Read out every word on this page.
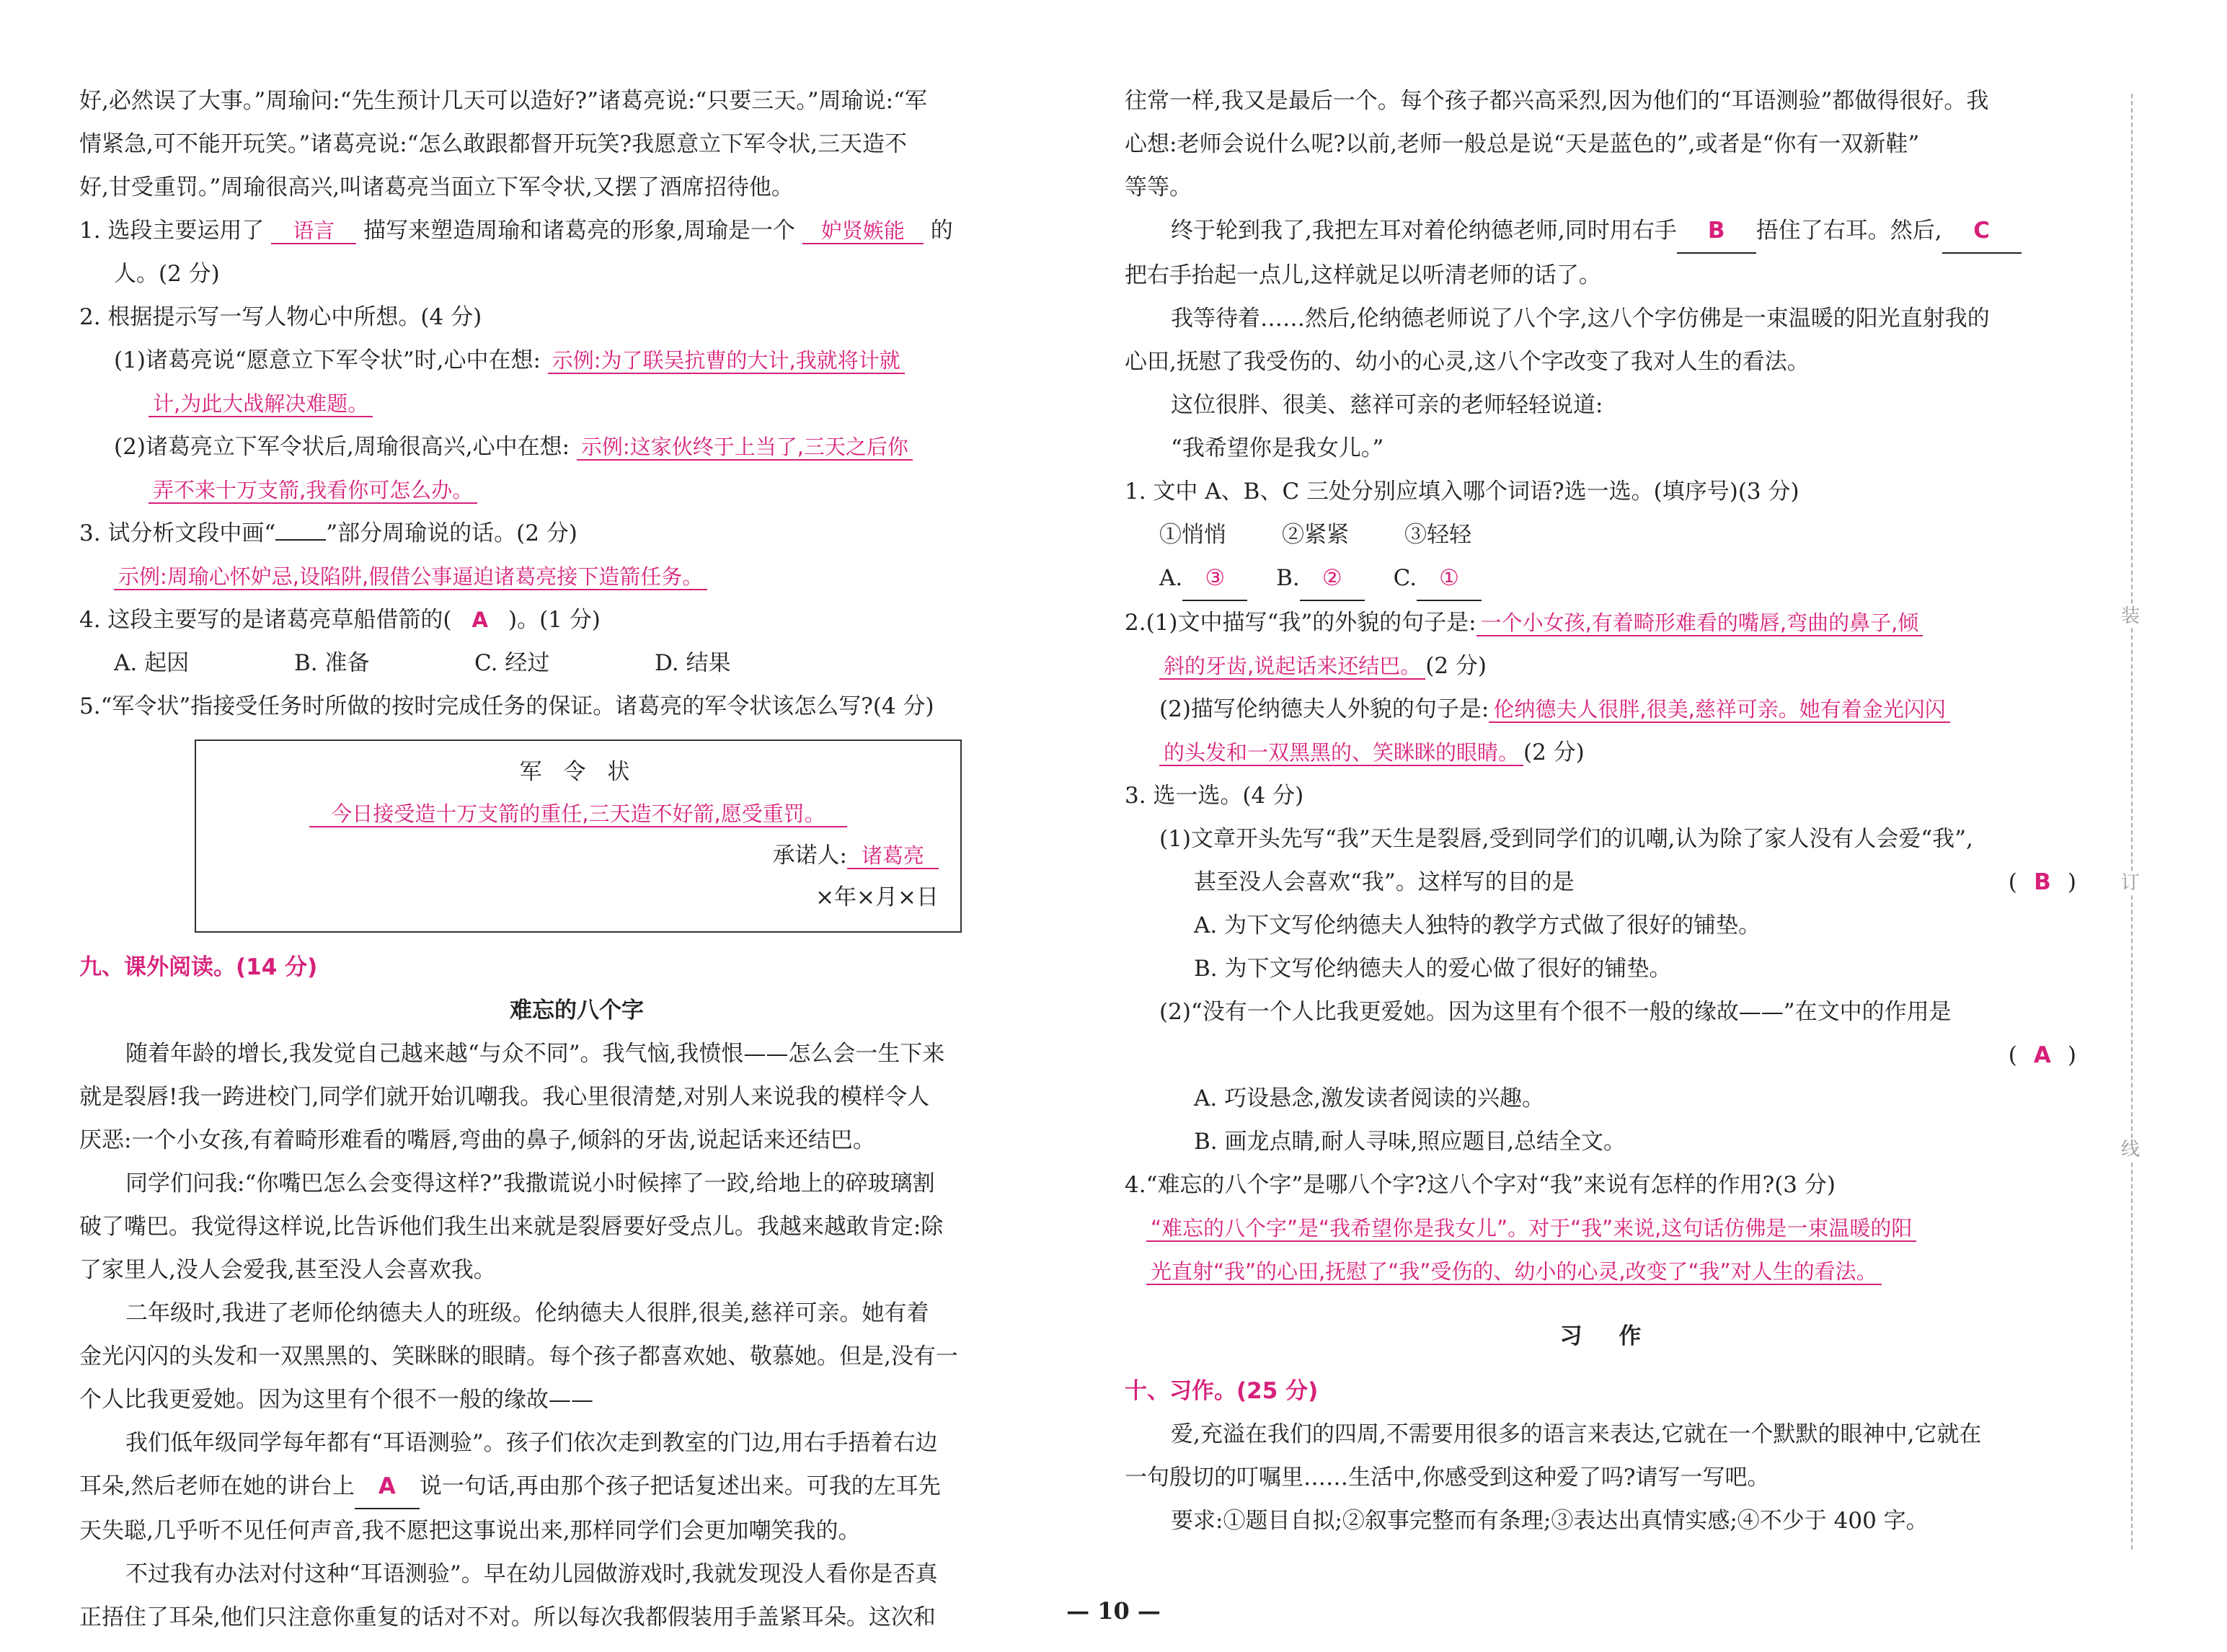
好,必然误了大事。”周瑜问:“先生预计几天可以造好?”诸葛亮说:“只要三天。”周瑜说:“军
情紧急,可不能开玩笑。”诸葛亮说:“怎么敢跟都督开玩笑?我愿意立下军令状,三天造不
好,甘受重罚。”周瑜很高兴,叫诸葛亮当面立下军令状,又摆了酒席招待他。
1. 选段主要运用了 语言 描写来塑造周瑜和诸葛亮的形象,周瑜是一个 妒贤嫉能 的
人。(2 分)
2. 根据提示写一写人物心中所想。(4 分)
(1)诸葛亮说“愿意立下军令状”时,心中在想: 示例:为了联吴抗曹的大计,我就将计就
计,为此大战解决难题。
(2)诸葛亮立下军令状后,周瑜很高兴,心中在想: 示例:这家伙终于上当了,三天之后你
弄不来十万支箭,我看你可怎么办。
3. 试分析文段中画“ ”部分周瑜说的话。(2 分)
示例:周瑜心怀妒忌,设陷阱,假借公事逼迫诸葛亮接下造箭任务。
4. 这段主要写的是诸葛亮草船借箭的( A )。(1 分)
A. 起因	B. 准备	C. 经过	D. 结果
5.“军令状”指接受任务时所做的按时完成任务的保证。诸葛亮的军令状该怎么写?(4 分)
军 令 状
今日接受造十万支箭的重任,三天造不好箭,愿受重罚。
承诺人: 诸葛亮
×年×月×日
九、课外阅读。(14 分)
难忘的八个字
随着年龄的增长,我发觉自己越来越“与众不同”。我气恼,我愤恨——怎么会一生下来
就是裂唇!我一跨进校门,同学们就开始讥嘲我。我心里很清楚,对别人来说我的模样令人
厌恶:一个小女孩,有着畸形难看的嘴唇,弯曲的鼻子,倾斜的牙齿,说起话来还结巴。
同学们问我:“你嘴巴怎么会变得这样?”我撒谎说小时候摔了一跤,给地上的碎玻璃割
破了嘴巴。我觉得这样说,比告诉他们我生出来就是裂唇要好受点儿。我越来越敢肯定:除
了家里人,没人会爱我,甚至没人会喜欢我。
二年级时,我进了老师伦纳德夫人的班级。伦纳德夫人很胖,很美,慈祥可亲。她有着
金光闪闪的头发和一双黑黑的、笑眯眯的眼睛。每个孩子都喜欢她、敬慕她。但是,没有一
个人比我更爱她。因为这里有个很不一般的缘故——
我们低年级同学每年都有“耳语测验”。孩子们依次走到教室的门边,用右手捂着右边
耳朵,然后老师在她的讲台上 A 说一句话,再由那个孩子把话复述出来。可我的左耳先
天失聪,几乎听不见任何声音,我不愿把这事说出来,那样同学们会更加嘲笑我的。
不过我有办法对付这种“耳语测验”。早在幼儿园做游戏时,我就发现没人看你是否真
正捂住了耳朵,他们只注意你重复的话对不对。所以每次我都假装用手盖紧耳朵。这次和
往常一样,我又是最后一个。每个孩子都兴高采烈,因为他们的“耳语测验”都做得很好。我
心想:老师会说什么呢?以前,老师一般总是说“天是蓝色的”,或者是“你有一双新鞋”
等等。
终于轮到我了,我把左耳对着伦纳德老师,同时用右手 B 捂住了右耳。然后, C
把右手抬起一点儿,这样就足以听清老师的话了。
我等待着……然后,伦纳德老师说了八个字,这八个字仿佛是一束温暖的阳光直射我的
心田,抚慰了我受伤的、幼小的心灵,这八个字改变了我对人生的看法。
这位很胖、很美、慈祥可亲的老师轻轻说道:
“我希望你是我女儿。”
1. 文中 A、B、C 三处分别应填入哪个词语?选一选。(填序号)(3 分)
①悄悄 ②紧紧 ③轻轻
A. ③ B. ② C. ①
2.(1)文中描写“我”的外貌的句子是: 一个小女孩,有着畸形难看的嘴唇,弯曲的鼻子,倾
斜的牙齿,说起话来还结巴。 (2 分)
(2)描写伦纳德夫人外貌的句子是: 伦纳德夫人很胖,很美,慈祥可亲。她有着金光闪闪
的头发和一双黑黑的、笑眯眯的眼睛。 (2 分)
3. 选一选。(4 分)
(1)文章开头先写“我”天生是裂唇,受到同学们的讥嘲,认为除了家人没有人会爱“我”,
甚至没人会喜欢“我”。这样写的目的是	( B )
A. 为下文写伦纳德夫人独特的教学方式做了很好的铺垫。
B. 为下文写伦纳德夫人的爱心做了很好的铺垫。
(2)“没有一个人比我更爱她。因为这里有个很不一般的缘故——”在文中的作用是
( A )
A. 巧设悬念,激发读者阅读的兴趣。
B. 画龙点睛,耐人寻味,照应题目,总结全文。
4.“难忘的八个字”是哪八个字?这八个字对“我”来说有怎样的作用?(3 分)
“难忘的八个字”是“我希望你是我女儿”。对于“我”来说,这句话仿佛是一束温暖的阳
光直射“我”的心田,抚慰了“我”受伤的、幼小的心灵,改变了“我”对人生的看法。
习 作
十、习作。(25 分)
爱,充溢在我们的四周,不需要用很多的语言来表达,它就在一个默默的眼神中,它就在
一句殷切的叮嘱里……生活中,你感受到这种爱了吗?请写一写吧。
要求:①题目自拟;②叙事完整而有条理;③表达出真情实感;④不少于 400 字。
装
订
线
— 10 —
